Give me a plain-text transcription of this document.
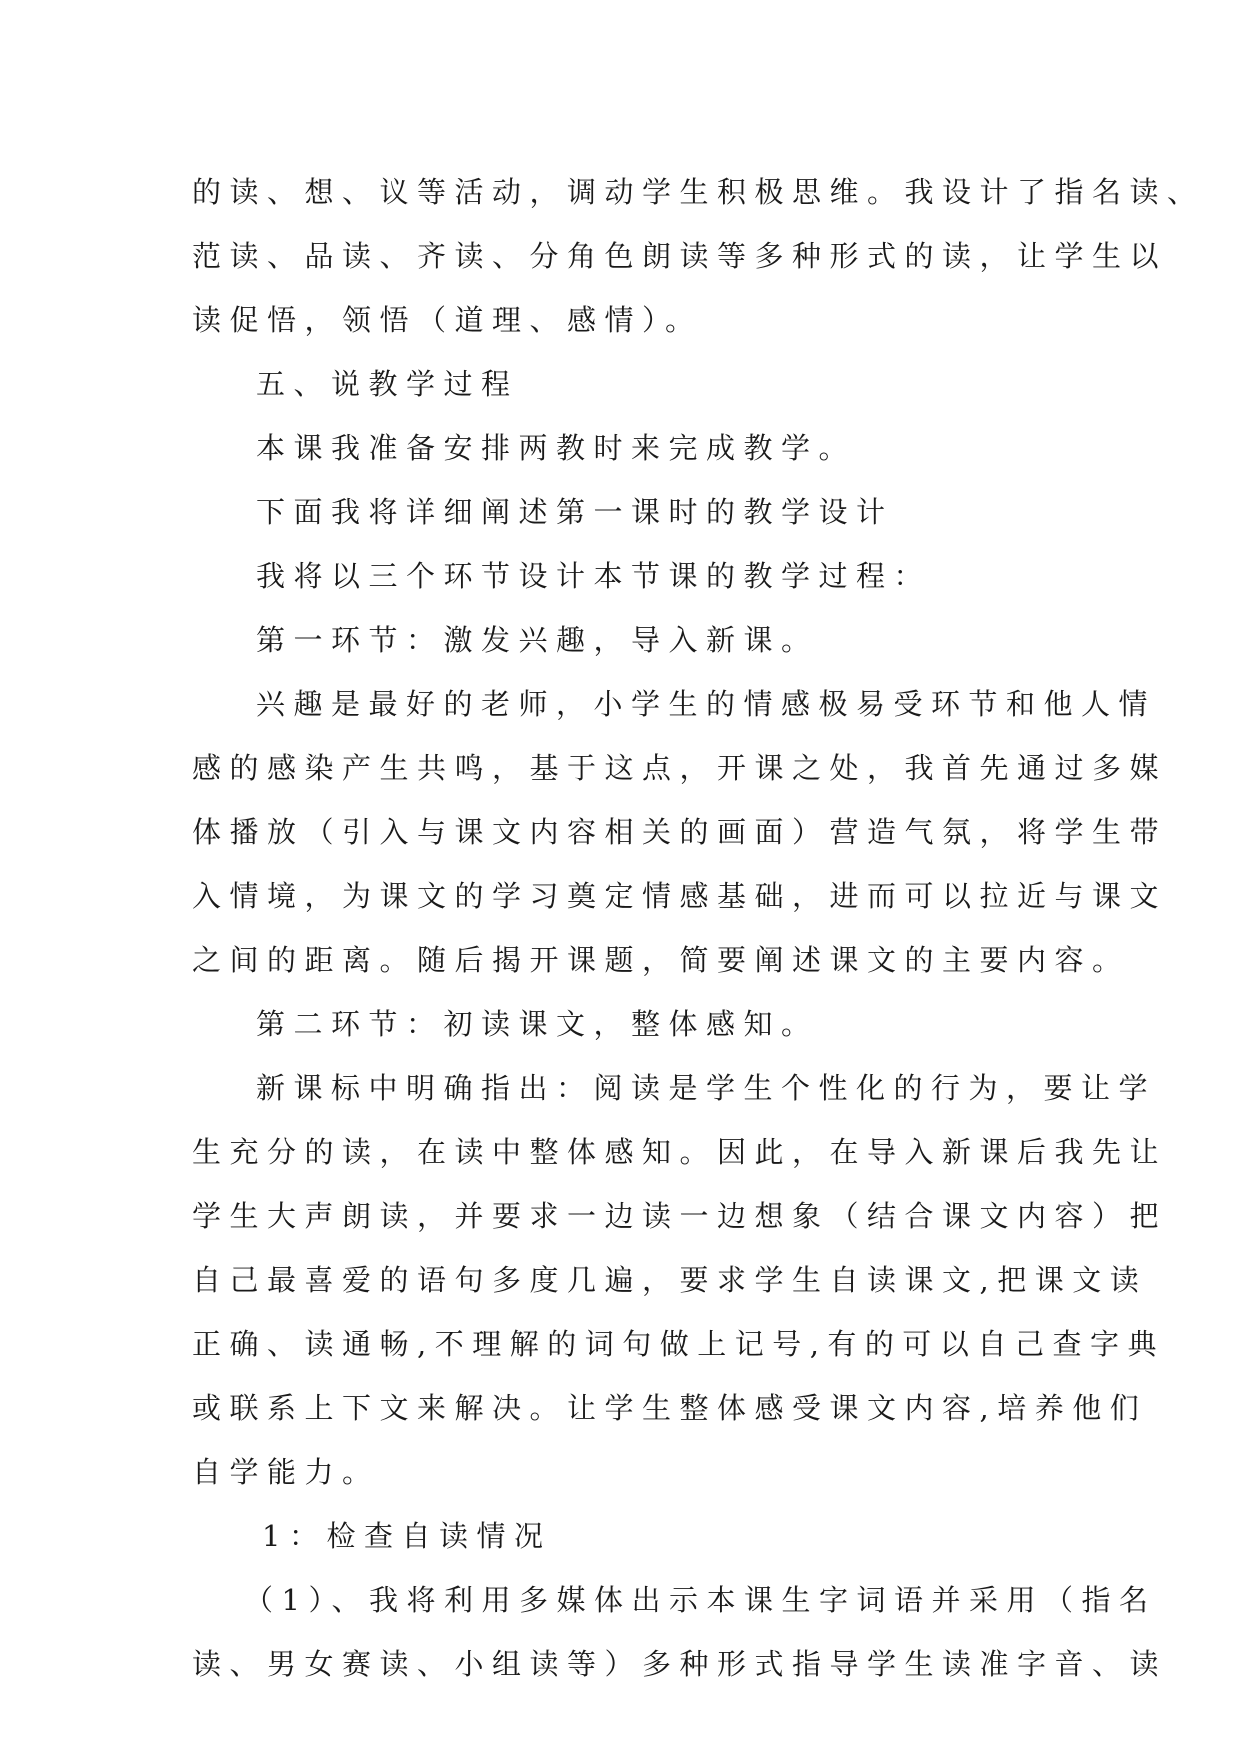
的读、想、议等活动，调动学生积极思维。我设计了指名读、
范读、品读、齐读、分角色朗读等多种形式的读，让学生以
读促悟，领悟（道理、感情）。
五、说教学过程
本课我准备安排两教时来完成教学。
下面我将详细阐述第一课时的教学设计
我将以三个环节设计本节课的教学过程：
第一环节：激发兴趣，导入新课。
兴趣是最好的老师，小学生的情感极易受环节和他人情
感的感染产生共鸣，基于这点，开课之处，我首先通过多媒
体播放（引入与课文内容相关的画面）营造气氛，将学生带
入情境，为课文的学习奠定情感基础，进而可以拉近与课文
之间的距离。随后揭开课题，简要阐述课文的主要内容。
第二环节：初读课文，整体感知。
新课标中明确指出：阅读是学生个性化的行为，要让学
生充分的读，在读中整体感知。因此，在导入新课后我先让
学生大声朗读，并要求一边读一边想象（结合课文内容）把
自己最喜爱的语句多度几遍，要求学生自读课文,把课文读
正确、读通畅,不理解的词句做上记号,有的可以自己查字典
或联系上下文来解决。让学生整体感受课文内容,培养他们
自学能力。
1：检查自读情况
（1）、我将利用多媒体出示本课生字词语并采用（指名
读、男女赛读、小组读等）多种形式指导学生读准字音、读
